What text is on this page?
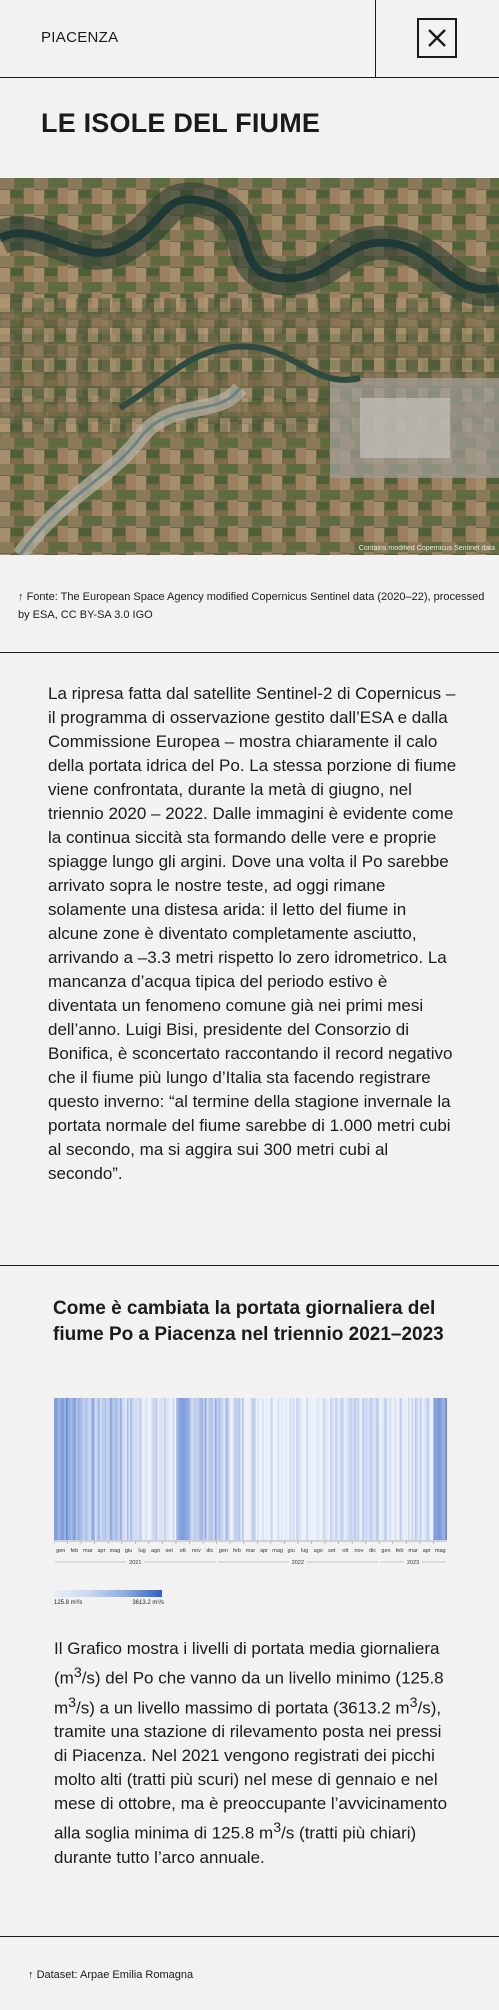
PIACENZA
LE ISOLE DEL FIUME
Contains modified Copernicus Sentinel data
↑ Fonte: The European Space Agency modified Copernicus Sentinel data (2020–22), processed by ESA, CC BY-SA 3.0 IGO

La ripresa fatta dal satellite Sentinel-2 di Copernicus – il programma di osservazione gestito dall’ESA e dalla Commissione Europea – mostra chiaramente il calo della portata idrica del Po. La stessa porzione di fiume viene confrontata, durante la metà di giugno, nel triennio 2020 – 2022. Dalle immagini è evidente come la continua siccità sta formando delle vere e proprie spiagge lungo gli argini. Dove una volta il Po sarebbe arrivato sopra le nostre teste, ad oggi rimane solamente una distesa arida: il letto del fiume in alcune zone è diventato completamente asciutto, arrivando a –3.3 metri rispetto lo zero idrometrico. La mancanza d’acqua tipica del periodo estivo è diventata un fenomeno comune già nei primi mesi dell’anno. Luigi Bisi, presidente del Consorzio di Bonifica, è sconcertato raccontando il record negativo che il fiume più lungo d’Italia sta facendo registrare questo inverno: “al termine della stagione invernale la portata normale del fiume sarebbe di 1.000 metri cubi al secondo, ma si aggira sui 300 metri cubi al secondo”.

Come è cambiata la portata giornaliera del fiume Po a Piacenza nel triennio 2021–2023
gen feb mar apr mag giu lug ago set ott nov dic gen feb mar apr mag giu lug ago set ott nov dic gen feb mar apr mag
2021	2022	2023
125.8 m³/s	3613.2 m³/s

Il Grafico mostra i livelli di portata media giornaliera $(m^3/s)$ del Po che vanno da un livello minimo (125.8 $m^3/s$) a un livello massimo di portata (3613.2 $m^3/s$), tramite una stazione di rilevamento posta nei pressi di Piacenza. Nel 2021 vengono registrati dei picchi molto alti (tratti più scuri) nel mese di gennaio e nel mese di ottobre, ma è preoccupante l’avvicinamento alla soglia minima di 125.8 $m^3/s$ (tratti più chiari) durante tutto l’arco annuale.

↑ Dataset: Arpae Emilia Romagna
